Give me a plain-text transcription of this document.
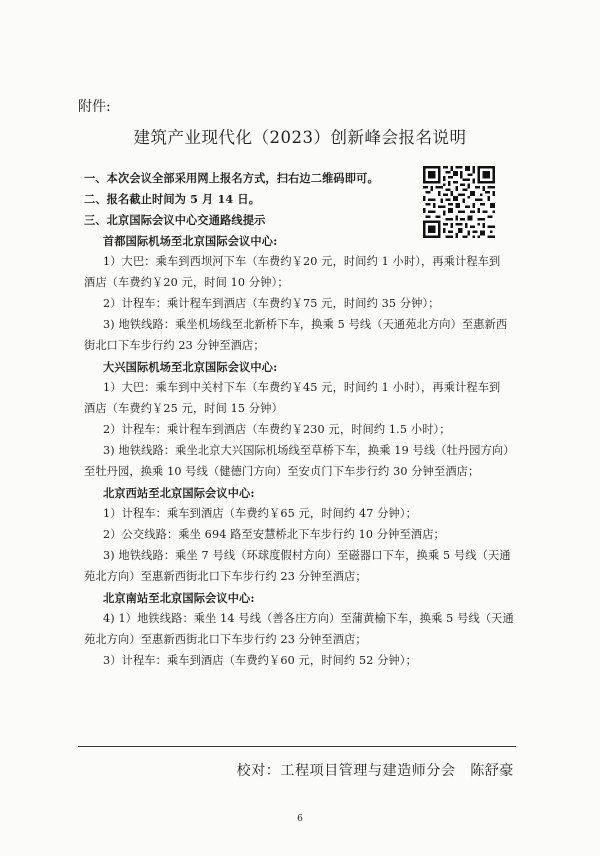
附件:
建筑产业现代化（2023）创新峰会报名说明
一、本次会议全部采用网上报名方式，扫右边二维码即可。
二、报名截止时间为 5 月 14 日。
三、北京国际会议中心交通路线提示
首都国际机场至北京国际会议中心:
1）大巴：乘车到西坝河下车（车费约￥20 元，时间约 1 小时），再乘计程车到
酒店（车费约￥20 元，时间 10 分钟）；
2）计程车：乘计程车到酒店（车费约￥75 元，时间约 35 分钟）；
3) 地铁线路：乘坐机场线至北新桥下车，换乘 5 号线（天通苑北方向）至惠新西
街北口下车步行约 23 分钟至酒店；
大兴国际机场至北京国际会议中心:
1）大巴：乘车到中关村下车（车费约￥45 元，时间约 1 小时），再乘计程车到
酒店（车费约￥25 元，时间 15 分钟）
2）计程车：乘计程车到酒店（车费约￥230 元，时间约 1.5 小时）；
3) 地铁线路：乘坐北京大兴国际机场线至草桥下车，换乘 19 号线（牡丹园方向）
至牡丹园，换乘 10 号线（健德门方向）至安贞门下车步行约 30 分钟至酒店；
北京西站至北京国际会议中心:
1）计程车：乘车到酒店（车费约￥65 元，时间约 47 分钟）；
2）公交线路：乘坐 694 路至安慧桥北下车步行约 10 分钟至酒店；
3) 地铁线路：乘坐 7 号线（环球度假村方向）至磁器口下车，换乘 5 号线（天通
苑北方向）至惠新西街北口下车步行约 23 分钟至酒店；
北京南站至北京国际会议中心:
4) 1）地铁线路：乘坐 14 号线（善各庄方向）至蒲黄榆下车，换乘 5 号线（天通
苑北方向）至惠新西街北口下车步行约 23 分钟至酒店；
3）计程车：乘车到酒店（车费约￥60 元，时间约 52 分钟）；
校对：工程项目管理与建造师分会　陈舒豪
6
